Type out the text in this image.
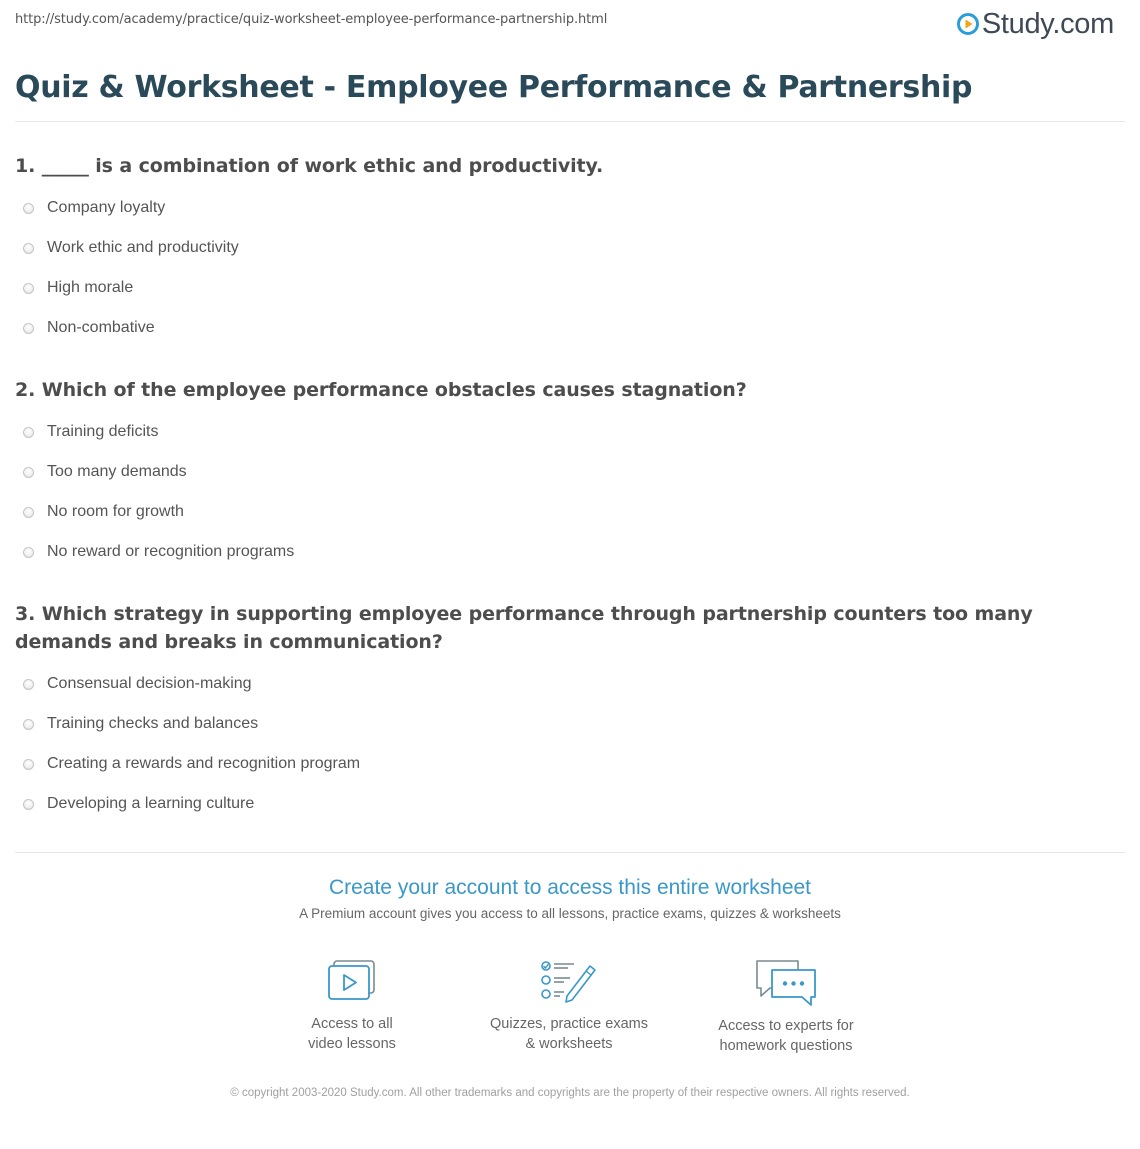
http://study.com/academy/practice/quiz-worksheet-employee-performance-partnership.html	Study.com
Quiz & Worksheet - Employee Performance & Partnership
1. _____ is a combination of work ethic and productivity.
Company loyalty
Work ethic and productivity
High morale
Non-combative
2. Which of the employee performance obstacles causes stagnation?
Training deficits
Too many demands
No room for growth
No reward or recognition programs
3. Which strategy in supporting employee performance through partnership counters too many demands and breaks in communication?
Consensual decision-making
Training checks and balances
Creating a rewards and recognition program
Developing a learning culture
Create your account to access this entire worksheet
A Premium account gives you access to all lessons, practice exams, quizzes & worksheets
Access to all
video lessons
Quizzes, practice exams
& worksheets
Access to experts for
homework questions
© copyright 2003-2020 Study.com. All other trademarks and copyrights are the property of their respective owners. All rights reserved.
